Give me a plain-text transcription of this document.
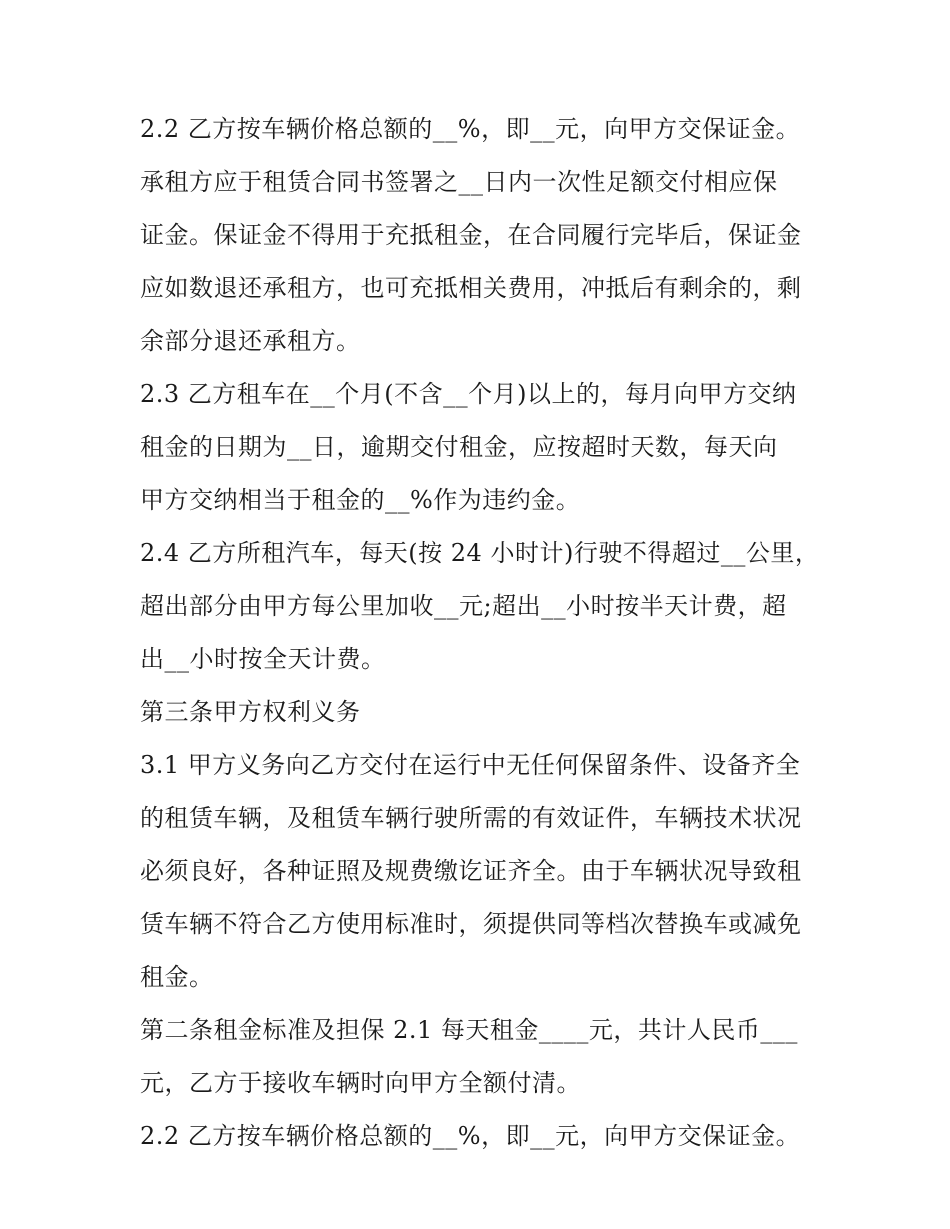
2.2 乙方按车辆价格总额的__%，即__元，向甲方交保证金。
承租方应于租赁合同书签署之__日内一次性足额交付相应保
证金。保证金不得用于充抵租金，在合同履行完毕后，保证金
应如数退还承租方，也可充抵相关费用，冲抵后有剩余的，剩
余部分退还承租方。
2.3 乙方租车在__个月(不含__个月)以上的，每月向甲方交纳
租金的日期为__日，逾期交付租金，应按超时天数，每天向
甲方交纳相当于租金的__%作为违约金。
2.4 乙方所租汽车，每天(按 24 小时计)行驶不得超过__公里，
超出部分由甲方每公里加收__元;超出__小时按半天计费，超
出__小时按全天计费。
第三条甲方权利义务
3.1 甲方义务向乙方交付在运行中无任何保留条件、设备齐全
的租赁车辆，及租赁车辆行驶所需的有效证件，车辆技术状况
必须良好，各种证照及规费缴讫证齐全。由于车辆状况导致租
赁车辆不符合乙方使用标准时，须提供同等档次替换车或减免
租金。
第二条租金标准及担保 2.1 每天租金____元，共计人民币___
元，乙方于接收车辆时向甲方全额付清。
2.2 乙方按车辆价格总额的__%，即__元，向甲方交保证金。
